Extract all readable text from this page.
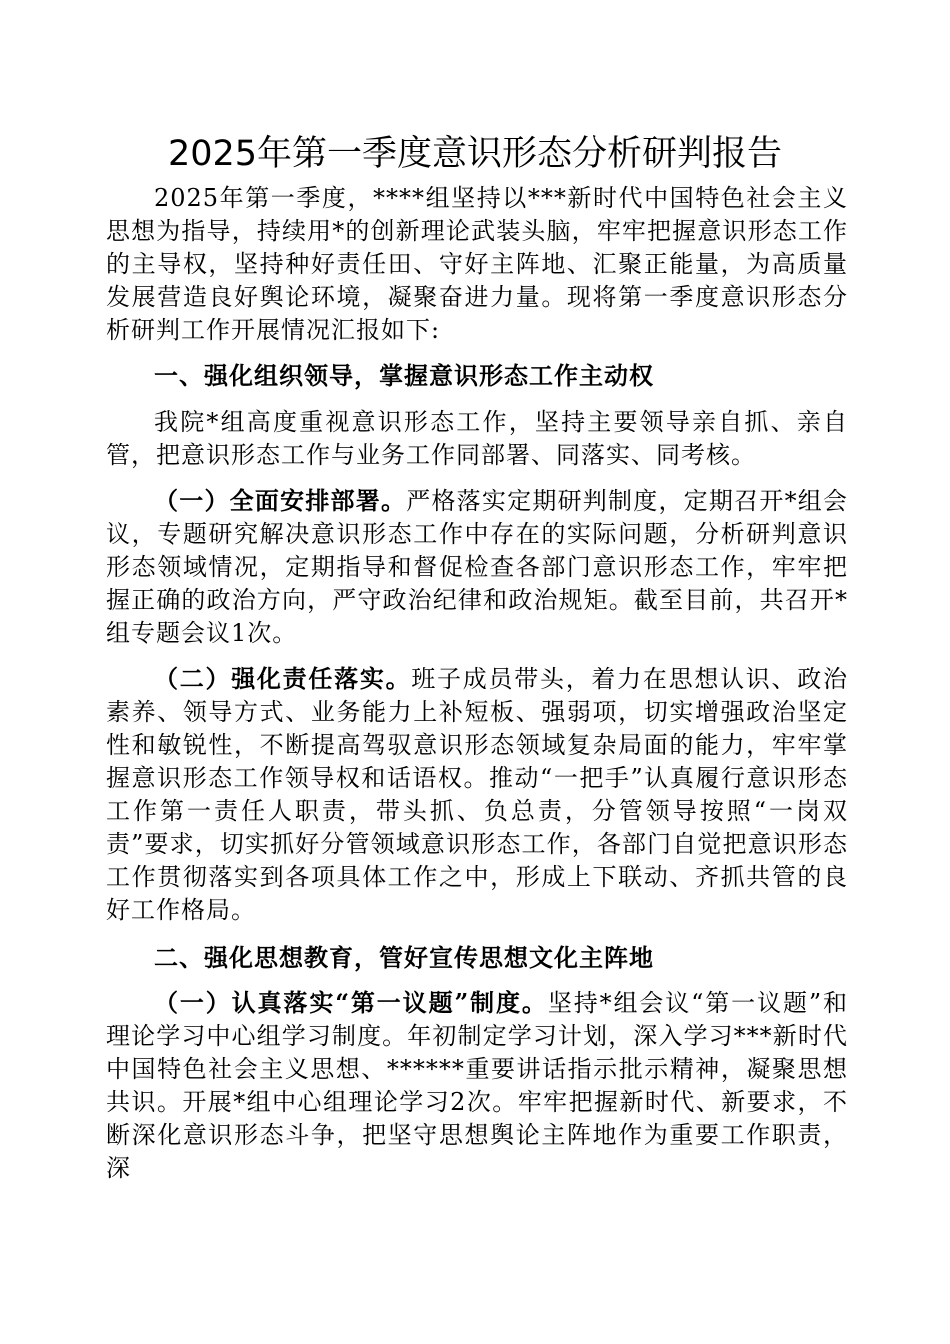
2025年第一季度意识形态分析研判报告

2025年第一季度，****组坚持以***新时代中国特色社会主义思想为指导，持续用*的创新理论武装头脑，牢牢把握意识形态工作的主导权，坚持种好责任田、守好主阵地、汇聚正能量，为高质量发展营造良好舆论环境，凝聚奋进力量。现将第一季度意识形态分析研判工作开展情况汇报如下:

一、强化组织领导，掌握意识形态工作主动权

我院*组高度重视意识形态工作，坚持主要领导亲自抓、亲自管，把意识形态工作与业务工作同部署、同落实、同考核。

（一）全面安排部署。严格落实定期研判制度，定期召开*组会议，专题研究解决意识形态工作中存在的实际问题，分析研判意识形态领域情况，定期指导和督促检查各部门意识形态工作，牢牢把握正确的政治方向，严守政治纪律和政治规矩。截至目前，共召开*组专题会议1次。

（二）强化责任落实。班子成员带头，着力在思想认识、政治素养、领导方式、业务能力上补短板、强弱项，切实增强政治坚定性和敏锐性，不断提高驾驭意识形态领域复杂局面的能力，牢牢掌握意识形态工作领导权和话语权。推动“一把手”认真履行意识形态工作第一责任人职责，带头抓、负总责，分管领导按照“一岗双责”要求，切实抓好分管领域意识形态工作，各部门自觉把意识形态工作贯彻落实到各项具体工作之中，形成上下联动、齐抓共管的良好工作格局。

二、强化思想教育，管好宣传思想文化主阵地

（一）认真落实“第一议题”制度。坚持*组会议“第一议题”和理论学习中心组学习制度。年初制定学习计划，深入学习***新时代中国特色社会主义思想、******重要讲话指示批示精神，凝聚思想共识。开展*组中心组理论学习2次。牢牢把握新时代、新要求，不断深化意识形态斗争，把坚守思想舆论主阵地作为重要工作职责，深
